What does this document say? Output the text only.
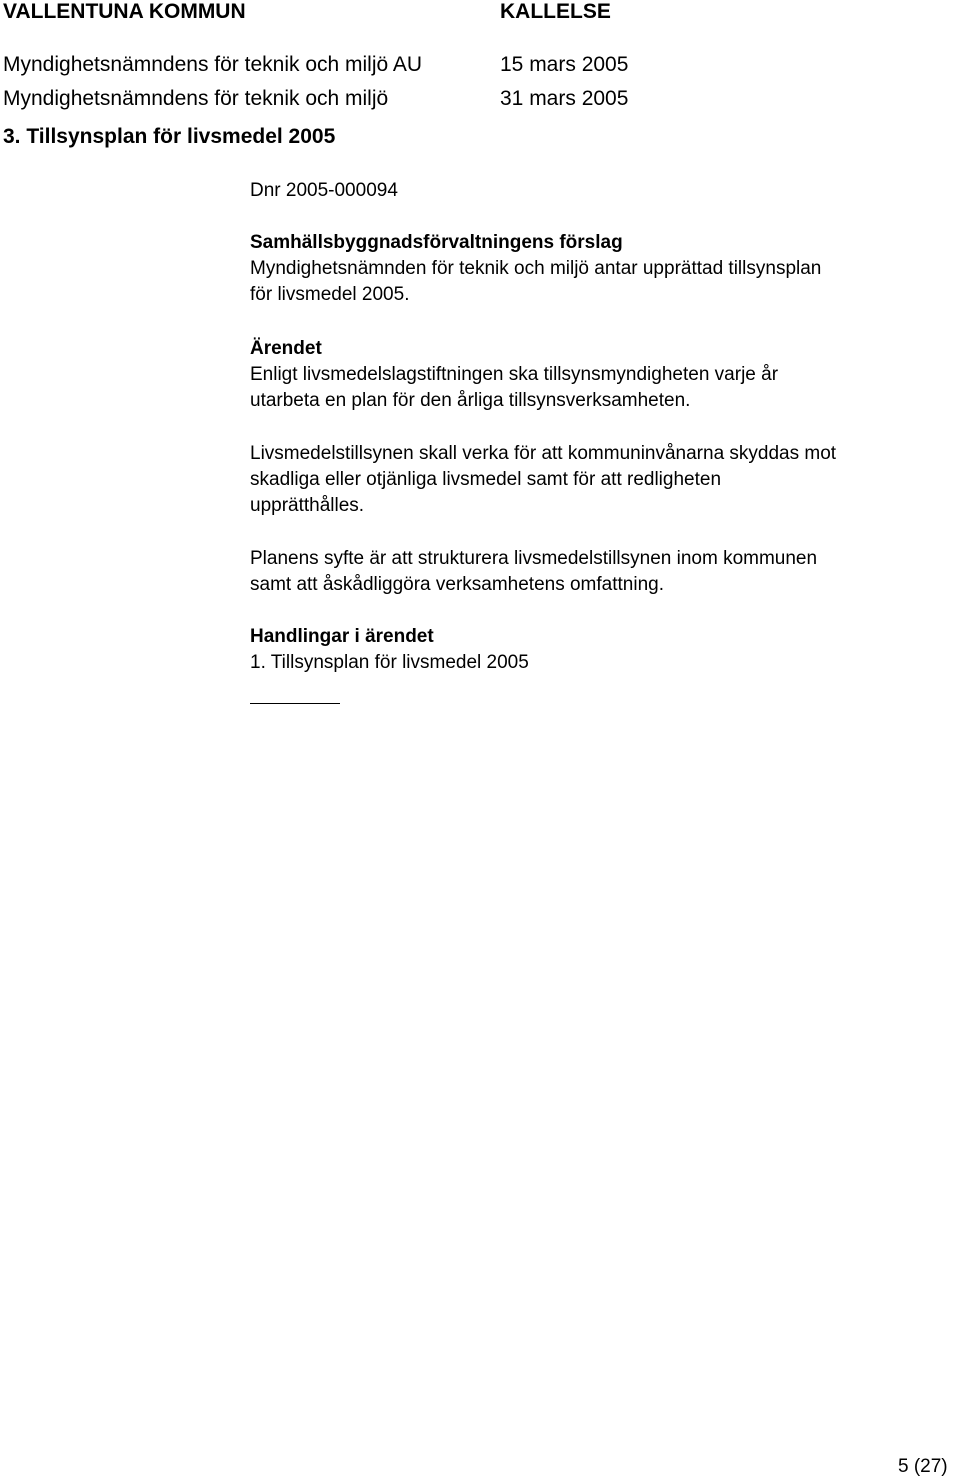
VALLENTUNA KOMMUN	KALLELSE
Myndighetsnämndens för teknik och miljö AU	15 mars 2005
Myndighetsnämndens för teknik och miljö	31 mars 2005
3. Tillsynsplan för livsmedel 2005
Dnr 2005-000094
Samhällsbyggnadsförvaltningens förslag
Myndighetsnämnden för teknik och miljö antar upprättad tillsynsplan
för livsmedel 2005.
Ärendet
Enligt livsmedelslagstiftningen ska tillsynsmyndigheten varje år
utarbeta en plan för den årliga tillsynsverksamheten.
Livsmedelstillsynen skall verka för att kommuninvånarna skyddas mot
skadliga eller otjänliga livsmedel samt för att redligheten
upprätthålles.
Planens syfte är att strukturera livsmedelstillsynen inom kommunen
samt att åskådliggöra verksamhetens omfattning.
Handlingar i ärendet
1. Tillsynsplan för livsmedel 2005
5 (27)
